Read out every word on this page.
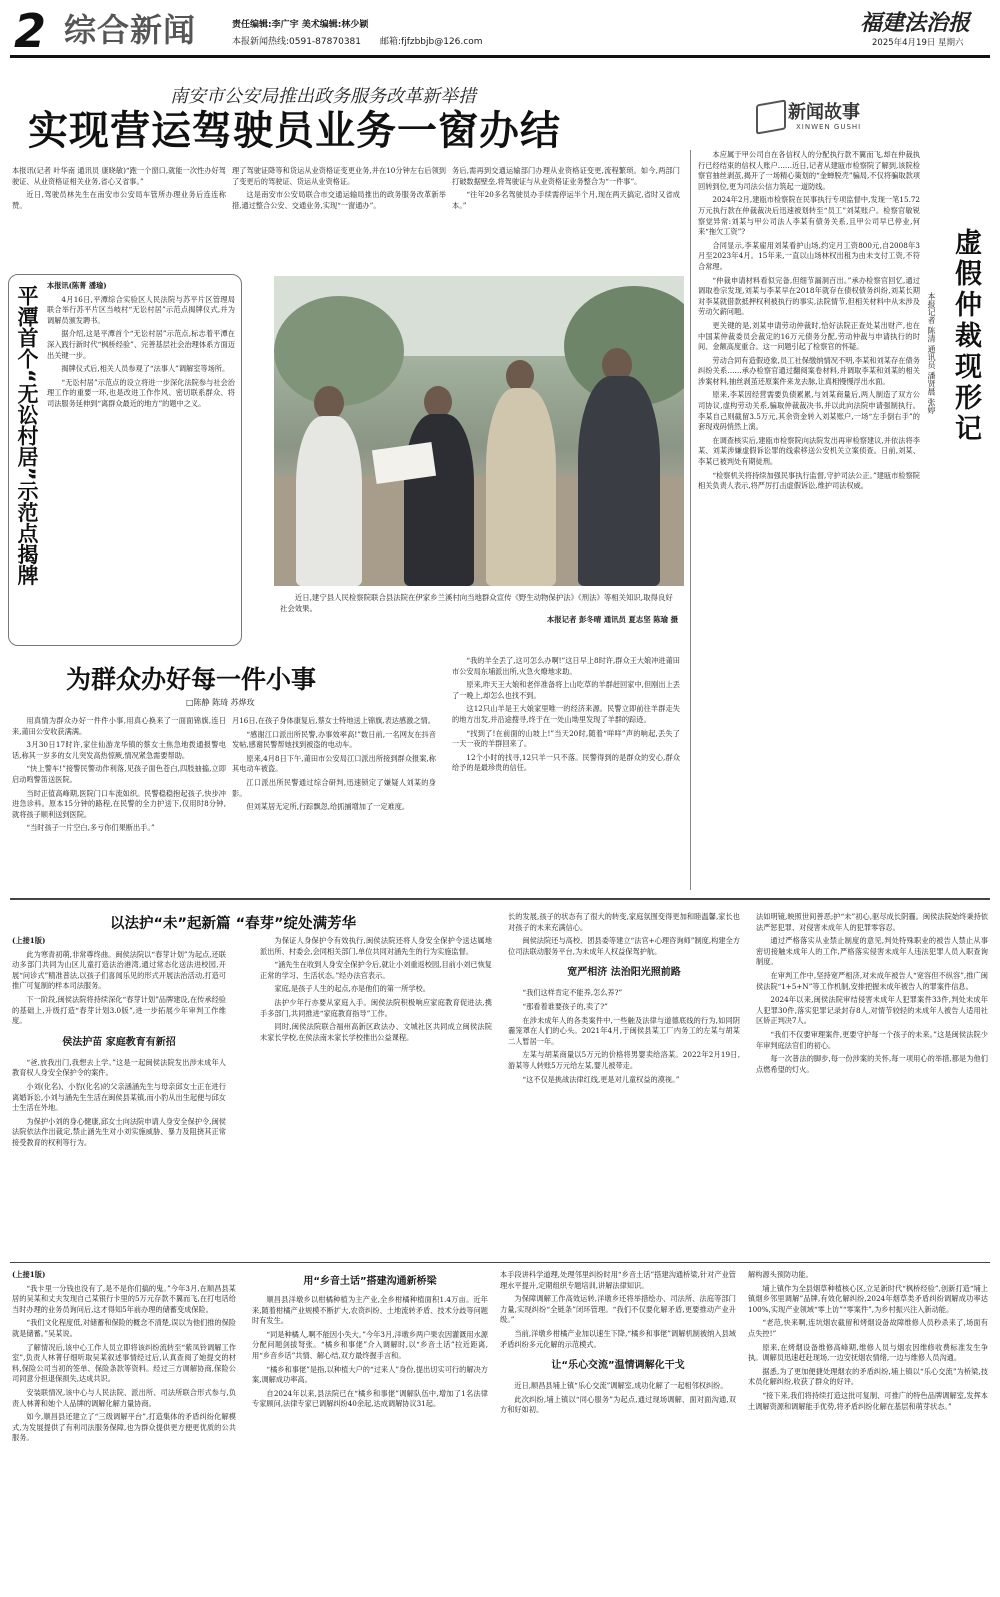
2 综合新闻	责任编辑:李广宇 美术编辑:林少颖
本报新闻热线:0591-87870381 邮箱:fjfzbbjb@126.com
福建法治报
2025年4月19日 星期六
南安市公安局推出政务服务改革新举措
实现营运驾驶员业务一窗办结

本报讯(记者 叶华南 通讯员 康晓敏)“跑一个窗口,就能一次性办好驾驶证、从业资格证相关业务,省心又省事。”

近日,驾驶员林先生在南安市公安局车管所办理业务后连连称赞。

理了驾驶证降等和货运从业资格证变更业务,并在10分钟左右后领到了变更后的驾驶证、货运从业资格证。

这是南安市公安局联合市交通运输局推出的政务服务改革新举措,通过整合公安、交通业务,实现“一窗通办”。

务后,需再到交通运输部门办理从业资格证变更,流程繁琐。如今,两部门打破数据壁垒,将驾驶证与从业资格证业务整合为“一件事”。

“往年20多名驾驶员办手续需停运半个月,现在两天搞定,省时又省成本。”

新闻故事
XINWEN GUSHI
平潭首个“无讼村居”示范点揭牌 本报讯(陈菁 潘瑜)

4月16日,平潭综合实验区人民法院与苏平片区管理局联合举行苏平片区当岐村“无讼村居”示范点揭牌仪式,并为调解员颁发聘书。

据介绍,这是平潭首个“无讼村居”示范点,标志着平潭在深入践行新时代“枫桥经验”、完善基层社会治理体系方面迈出关键一步。

揭牌仪式后,相关人员参观了“法事人”调解室等场所。

“无讼村居”示范点的设立将进一步深化法院参与社会治理工作的重要一环,也是改进工作作风、密切联系群众、将司法服务延伸到“离群众最近的地方”的题中之义。

近日,建宁县人民检察院联合县法院在伊家乡兰溪村向当地群众宣传《野生动物保护法》《刑法》等相关知识,取得良好社会效果。
本报记者 彭冬晴 通讯员 夏志坚 陈瑜 摄
为群众办好每一件小事
□陈静 陈琦 苏烨玫

用真情为群众办好一件件小事,用真心换来了一面面锦旗,连日来,莆田公安收获满满。

3月30日17时许,家住仙游龙华镇的蔡女士焦急地拨通报警电话,称其一岁多的女儿突发高热惊厥,情况紧急需要帮助。

“快上警车!”接警民警动作利落,见孩子面色苍白,四肢抽搐,立即启动鸣警笛送医院。

当时正值高峰期,医院门口车流如织。民警稳稳抱起孩子,快步冲进急诊科。原本15分钟的路程,在民警的全力护送下,仅用时8分钟,就将孩子顺利送到医院。

“当时孩子一片空白,多亏你们果断出手。”

月16日,在孩子身体康复后,蔡女士特地送上锦旗,表达感激之情。

“感谢江口派出所民警,办事效率高!”数日前,一名网友在抖音发帖,感谢民警帮她找到被盗的电动车。

原来,4月8日下午,莆田市公安局江口派出所接到群众报案,称其电动车被盗。

江口派出所民警通过综合研判,迅速锁定了嫌疑人刘某的身影。

但刘某居无定所,行踪飘忽,给抓捕增加了一定难度。

“我的羊全丢了,这可怎么办啊!”这日早上8时许,群众王大娘冲进莆田市公安局东埔派出所,火急火燎地求助。

原来,昨天王大娘和老伴准备将上山吃草的羊群赶回家中,但刚出上丢了一晚上,却怎么也找不到。

这12只山羊是王大娘家里唯一的经济来源。民警立即前往羊群走失的地方出发,并沿途搜寻,终于在一处山坳里发现了羊群的踪迹。

“找到了!在前面的山坡上!”当天20时,随着“咩咩”声的响起,丢失了一天一夜的羊群回来了。

12个小时的找寻,12只羊一只不落。民警得到的是群众的安心,群众给予的是最珍贵的信任。

虚假仲裁现形记
本报记者 陈清 通讯员 潘贤晨 张婷

本应属于甲公司自在各信权人的分配执行款不翼而飞,却在仲裁执行已经结束的信权人账户……近日,记者从建瓯市检察院了解到,该院检察官抽丝剥茧,揭开了一场精心策划的“金蝉脱壳”骗局,不仅将骗取款项回转到位,更为司法公信力筑起一道防线。

2024年2月,建瓯市检察院在民事执行专项监督中,发现一笔15.72万元执行款在仲裁裁决后迅速被划转至“员工”刘某账户。检察官敏锐察觉异常:刘某与甲公司法人李某有债务关系,且甲公司早已停业,何来“拖欠工资”?

合同显示,李某雇用刘某看护山场,约定月工资800元,自2008年3月至2023年4月。15年来,一直以山场林权出租为由未支付工资,不符合常理。

“仲裁申请材料看似完备,但细节漏洞百出。”承办检察官回忆,通过调取卷宗发现,刘某与李某早在2018年就存在债权债务纠纷,刘某长期对李某就借款抵押权利被执行的事实,法院情节,但相关材料中从未涉及劳动欠薪问题。

更关键的是,刘某申请劳动仲裁时,恰好法院正查处某出财产,也在中国某仲裁委员会裁定的16万元债务分配,劳动仲裁与申请执行的时间、金额高度重合。这一问题引起了检察官的怀疑。

劳动合同有造假迹象,员工社保缴纳情况不明,李某和刘某存在债务纠纷关系……承办检察官通过翻阅案卷材料,并调取李某和刘某的相关涉案材料,抽丝剥茧还原案件来龙去脉,让真相慢慢浮出水面。

原来,李某因经营需要负债累累,与刘某商量后,两人制造了双方公司协议,虚构劳动关系,骗取仲裁裁决书,并以此向法院申请强制执行。李某自己则截留3.5万元,其余资金转入刘某账户,一场“左手倒右手”的套现戏码悄然上演。

在调查核实后,建瓯市检察院向法院发出再审检察建议,并依法将李某、刘某涉嫌虚假诉讼罪的线索移送公安机关立案侦查。日前,刘某、李某已被判处有期徒刑。

“检察机关将持续加强民事执行监督,守护司法公正。”建瓯市检察院相关负责人表示,将严厉打击虚假诉讼,维护司法权威。

以法护“未”起新篇 “春芽”绽处满芳华

(上接1版)

此为寒青初萌,非常尊终曲。闽侯法院以“春芽计划”为起点,还联动多部门共同为山区儿童打造法治港湾,通过常态化送法进校园,开展“问诊式”精准普法,以孩子们喜闻乐见的形式开展法治活动,打造可推广可复制的样本司法服务。

下一阶段,闽侯法院将持续深化“春芽计划”品牌建设,在传承经验的基础上,升级打造“春芽计划3.0版”,进一步拓展少年审判工作维度。

侯法护苗 家庭教育有新招

“爸,放我出门,我想去上学。”这是一起闽侯法院发出涉未成年人教育权人身安全保护令的案件。

小刘(化名)、小豹(化名)的父亲涵涵先生与母亲邱女士正在进行离婚诉讼,小刘与涵先生生活在闽侯县某镇,而小豹从出生起便与邱女士生活在外地。

为保护小刘的身心健康,邱女士向法院申请人身安全保护令,闽侯法院依法作出裁定,禁止涵先生对小刘实施威胁、暴力及阻挠其正常接受教育的权利等行为。

为保证人身保护令有效执行,闽侯法院还将人身安全保护令送达属地派出所、村委会,会同相关部门,单位共同对涵先生的行为实施监督。

“涵先生在收到人身安全保护令后,就让小刘重返校园,目前小刘已恢复正常的学习、生活状态。”经办法官表示。

家庭,是孩子人生的起点,亦是他们的第一所学校。

法护少年行亦要从家庭入手。闽侯法院积极响应家庭教育促进法,携手多部门,共同推进“家庭教育指导”工作。

同时,闽侯法院联合福州高新区政法办、文城社区共同成立闽侯法院未家长学校,在侯法南未家长学校推出公益课程。

长的发展,孩子的状态有了很大的转变,家庭氛围变得更加和睦温馨,家长也对孩子的未来充满信心。

闽侯法院还与高校、团县委等建立“法官+心理咨询师”制度,构建全方位司法联动服务平台,为未成年人权益保驾护航。

宽严相济 法治阳光照前路

“我们这样肯定不能养,怎么养?”

“那看着谁要孩子的,卖了?”

在涉未成年人的各类案件中,一些触及法律与道德底线的行为,如同阴霾笼罩在人们的心头。2021年4月,于闽侯县某工厂内务工的左某与胡某二人暂居一年。

左某与胡某商量以5万元的价格将男婴卖给洛某。2022年2月19日,游某等人转账5万元给左某,婴儿被带走。

“这不仅是挑战法律红线,更是对儿童权益的漠视。”

法如明镜,映照世间善恶;护“未”初心,驱尽成长阴霾。闽侯法院始终秉持依法严惩犯罪、对侵害未成年人的犯罪零容忍。

通过严格落实从业禁止制度的意见,判处特殊职业的被告人禁止从事密切接触未成年人的工作,严格落实侵害未成年人违法犯罪人员入职查询制度。

在审判工作中,坚持宽严相济,对未成年被告人“宽容但不纵容”,推广闽侯法院“1+5+N”等工作机制,安排把握未成年被告人的罪案件信息。

2024年以来,闽侯法院审结侵害未成年人犯罪案件33件,判处未成年人犯罪30件,落实犯罪记录封存8人,对情节较轻的未成年人被告人适用社区矫正判决7人。

“我们不仅要审理案件,更要守护每一个孩子的未来。”这是闽侯法院少年审判庭法官们的初心。

每一次普法的脚步,每一份涉案的关怀,每一项用心的举措,都是为他们点燃希望的灯火。

(上接1版)

“我卡里一分钱也没有了,是不是你们搞的鬼。”今年3月,在顺昌县某居的吴某和丈夫发现自己某银行卡里的5万元存款不翼而飞,在打电话给当时办理的业务员询问后,这才得知5年前办理的储蓄变成保险。

“我们文化程度低,对储蓄和保险的概念不清楚,误以为他们推的保险就是储蓄。”吴某说。

了解情况后,该中心工作人员立即将该纠纷流转至“紫凤铃调解工作室”,负责人林菁仔细听取吴某叙述事情经过后,认真查阅了她提交的材料,保险公司当初的签单、保险条款等资料。经过三方调解协商,保险公司同意分担退保损失,达成共识。

安装联情况,该中心与人民法院、派出所、司法所联合形式参与,负责人林菁和她个人品牌的调解化解力量协商。

如今,顺昌县还建立了“三级调解平台”,打造集体的矛盾纠纷化解模式,为发展提供了有利司法服务保障,也为群众提供更方便更优质的公共服务。

用“乡音土话”搭建沟通新桥梁

顺昌县洋墩乡以柑橘种植为主产业,全乡柑橘种植面积1.4万亩。近年来,随着柑橘产业规模不断扩大,农资纠纷、土地流转矛盾、技术分歧等问题时有发生。

“同是种橘人,啊不能因小失大。”今年3月,洋墩乡两户果农因灌溉用水源分配问题剑拔弩张。“橘乡和事佬”介入调解时,以“乡音土话”拉近距离,用“乡音乡话”共情、解心结,双方最终握手言和。

“橘乡和事佬”是指,以种植大户的“过来人”身份,提出切实可行的解决方案,调解成功率高。

自2024年以来,县法院已在“橘乡和事佬”调解队伍中,增加了1名法律专家顾问,法律专家已调解纠纷40余起,达成调解协议31起。

本手段讲科学道理,处理邻里纠纷时用“乡音土话”搭建沟通桥梁,针对产业管理水平提升,定期组织专题培训,讲解法律知识。

为保障调解工作高效运转,洋墩乡还将举措绘办、司法所、法庭等部门力量,实现纠纷“全链条”闭环管理。“我们不仅要化解矛盾,更要推动产业升级。”

当前,洋墩乡柑橘产业加以速生下降,“橘乡和事佬”调解机制被纳入县域矛盾纠纷多元化解的示范模式。

让“乐心交流”温情调解化干戈

近日,顺昌县埔上镇“乐心交流”调解室,成功化解了一起相邻权纠纷。

此次纠纷,埔上镇以“同心服务”为起点,通过现场调解、面对面沟通,双方和好如初。

解构源头预防功能。

埔上镇作为全县烟草种植核心区,立足新时代“枫桥经验”,创新打造“埔上镇烟乡邻里调解”品牌,有效化解纠纷,2024年烟草类矛盾纠纷调解成功率达100%,实现产业领域“零上访”“零案件”,为乡村振兴注入新动能。

“老范,快来啊,连坑烟农截留和烤烟设备故障维修人员秒杀来了,场面有点失控!”

原来,在烤烟设备维修高峰期,维修人员与烟农因维修收费标准发生争执。调解员迅速赶赴现场,一边安抚烟农情绪,一边与维修人员沟通。

据悉,为了更加便捷处理烟农的矛盾纠纷,埔上镇以“乐心交流”为桥梁,技术员化解纠纷,收获了群众的好评。

“接下来,我们将持续打造这批可复制、可推广的特色品牌调解室,发挥本土调解资源和调解能手优势,将矛盾纠纷化解在基层和萌芽状态。”
